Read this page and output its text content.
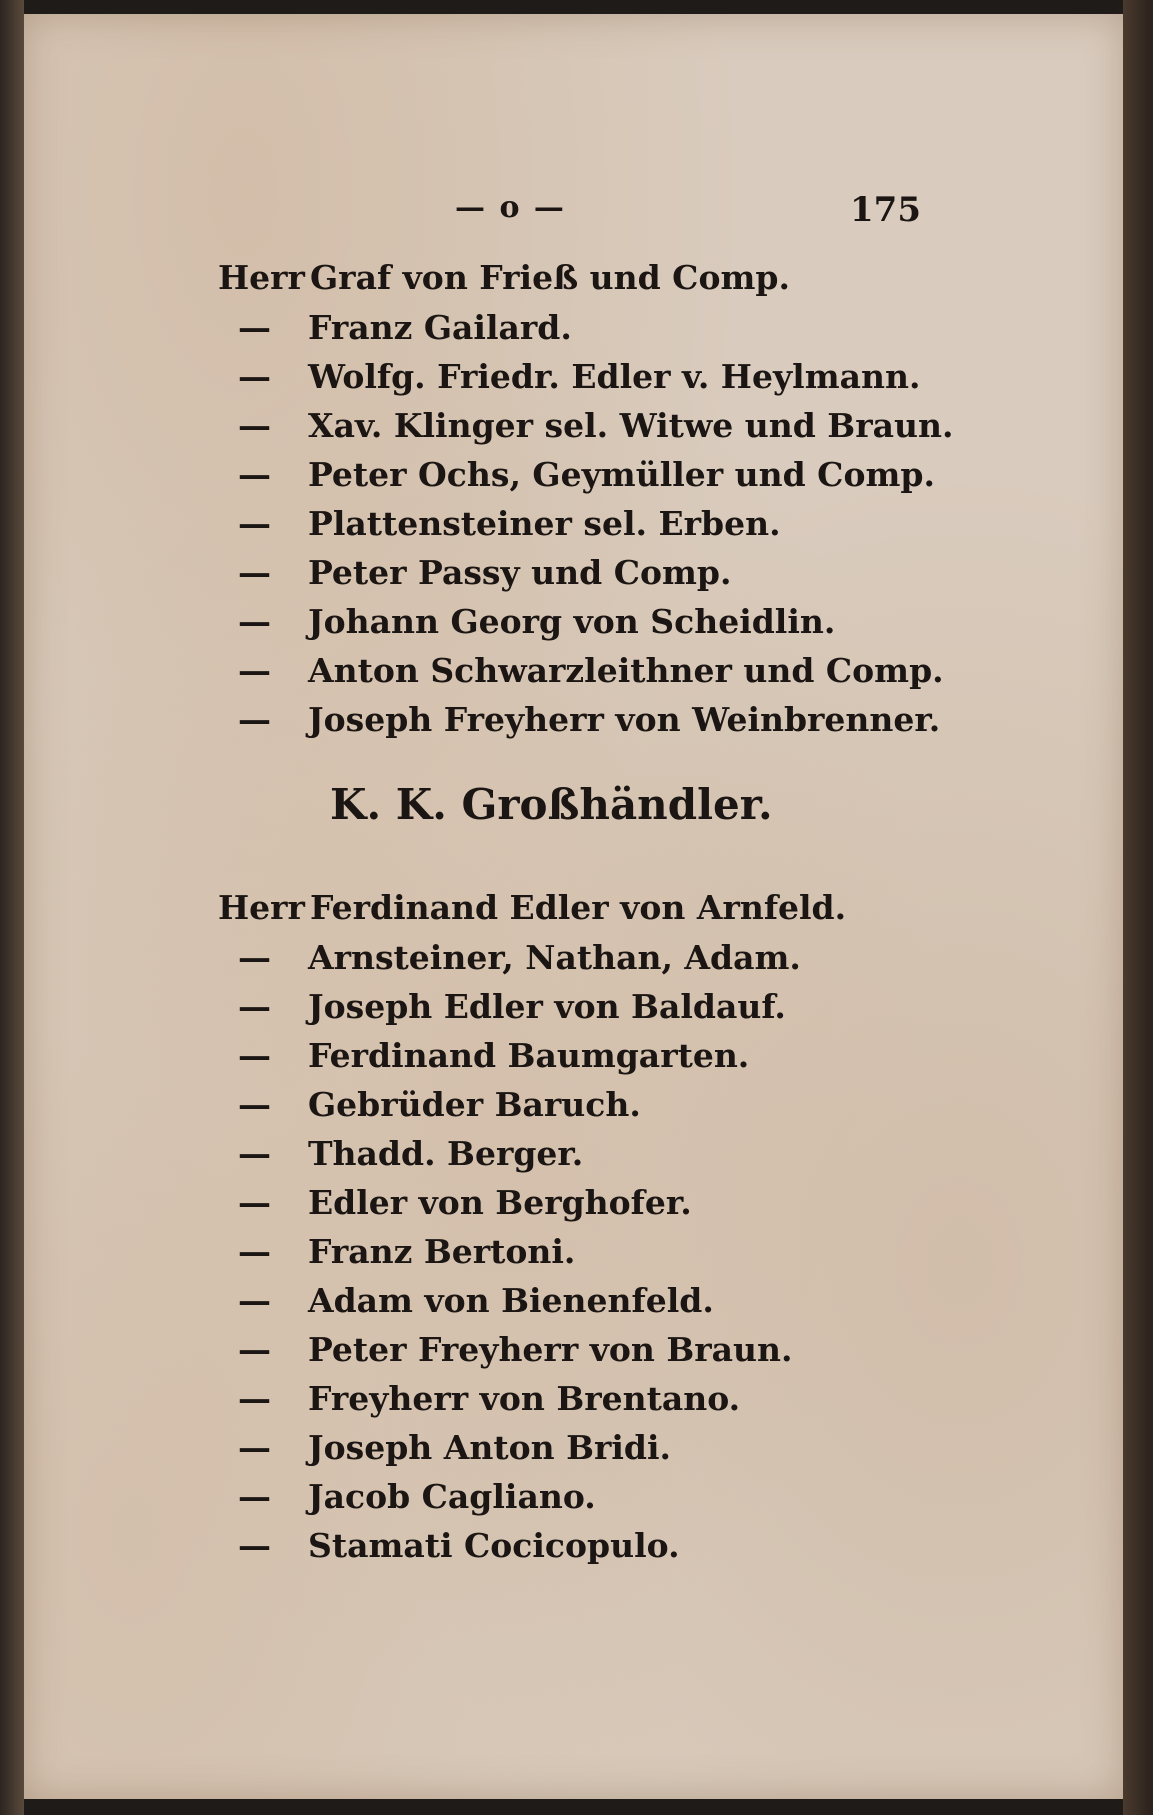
— o —	175
Herr Graf von Frieß und Comp.
— Franz Gailard.
— Wolfg. Friedr. Edler v. Heylmann.
— Xav. Klinger sel. Witwe und Braun.
— Peter Ochs, Geymüller und Comp.
— Plattensteiner sel. Erben.
— Peter Passy und Comp.
— Johann Georg von Scheidlin.
— Anton Schwarzleithner und Comp.
— Joseph Freyherr von Weinbrenner.
K. K. Großhändler.
Herr Ferdinand Edler von Arnfeld.
— Arnsteiner, Nathan, Adam.
— Joseph Edler von Baldauf.
— Ferdinand Baumgarten.
— Gebrüder Baruch.
— Thadd. Berger.
— Edler von Berghofer.
— Franz Bertoni.
— Adam von Bienenfeld.
— Peter Freyherr von Braun.
— Freyherr von Brentano.
— Joseph Anton Bridi.
— Jacob Cagliano.
— Stamati Cocicopulo.
